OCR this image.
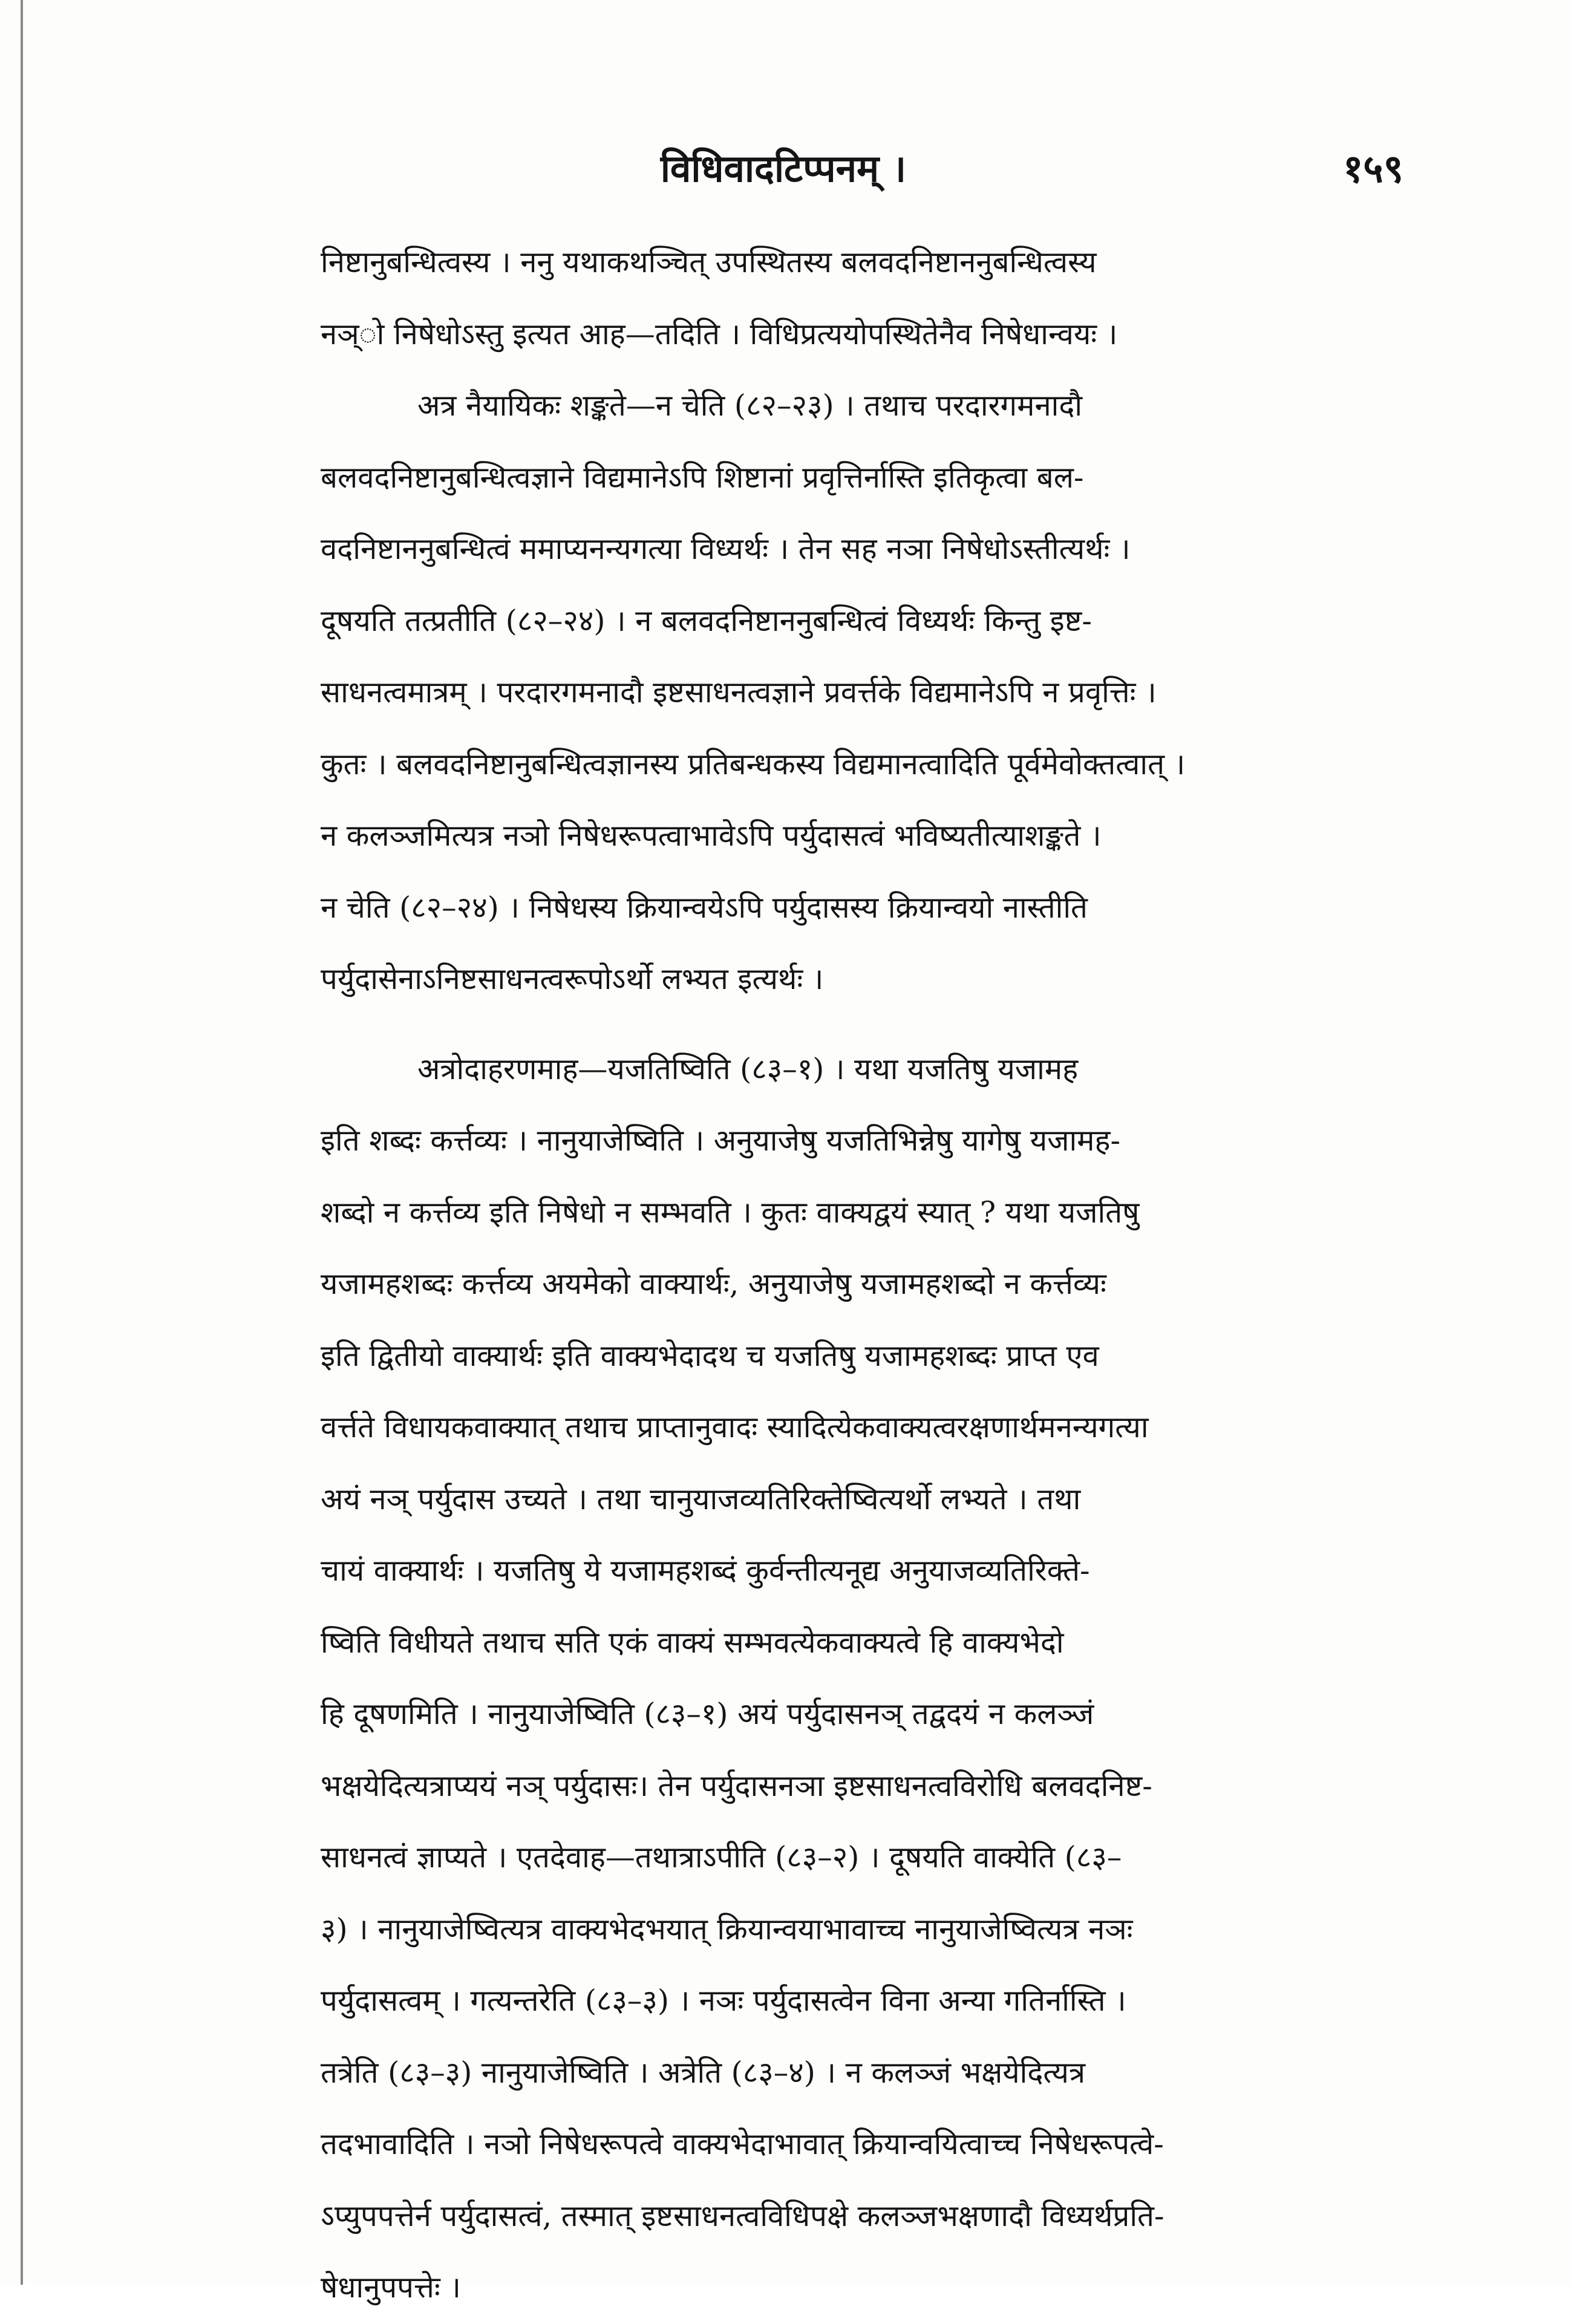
विधिवादटिप्पनम् ।	१५९
निष्टानुबन्धित्वस्य । ननु यथाकथञ्चित् उपस्थितस्य बलवदनिष्टाननुबन्धित्वस्य
नञ्ो निषेधोऽस्तु इत्यत आह—तदिति । विधिप्रत्ययोपस्थितेनैव निषेधान्वयः ।
अत्र नैयायिकः शङ्कते—न चेति (८२–२३) । तथाच परदारगमनादौ
बलवदनिष्टानुबन्धित्वज्ञाने विद्यमानेऽपि शिष्टानां प्रवृत्तिर्नास्ति इतिकृत्वा बल-
वदनिष्टाननुबन्धित्वं ममाप्यनन्यगत्या विध्यर्थः । तेन सह नञा निषेधोऽस्तीत्यर्थः ।
दूषयति तत्प्रतीति (८२–२४) । न बलवदनिष्टाननुबन्धित्वं विध्यर्थः किन्तु इष्ट-
साधनत्वमात्रम् । परदारगमनादौ इष्टसाधनत्वज्ञाने प्रवर्त्तके विद्यमानेऽपि न प्रवृत्तिः ।
कुतः । बलवदनिष्टानुबन्धित्वज्ञानस्य प्रतिबन्धकस्य विद्यमानत्वादिति पूर्वमेवोक्तत्वात् ।
न कलञ्जमित्यत्र नञो निषेधरूपत्वाभावेऽपि पर्युदासत्वं भविष्यतीत्याशङ्कते ।
न चेति (८२–२४) । निषेधस्य क्रियान्वयेऽपि पर्युदासस्य क्रियान्वयो नास्तीति
पर्युदासेनाऽनिष्टसाधनत्वरूपोऽर्थो लभ्यत इत्यर्थः ।
अत्रोदाहरणमाह—यजतिष्विति (८३–१) । यथा यजतिषु यजामह
इति शब्दः कर्त्तव्यः । नानुयाजेष्विति । अनुयाजेषु यजतिभिन्नेषु यागेषु यजामह-
शब्दो न कर्त्तव्य इति निषेधो न सम्भवति । कुतः वाक्यद्वयं स्यात् ? यथा यजतिषु
यजामहशब्दः कर्त्तव्य अयमेको वाक्यार्थः, अनुयाजेषु यजामहशब्दो न कर्त्तव्यः
इति द्वितीयो वाक्यार्थः इति वाक्यभेदादथ च यजतिषु यजामहशब्दः प्राप्त एव
वर्त्तते विधायकवाक्यात् तथाच प्राप्तानुवादः स्यादित्येकवाक्यत्वरक्षणार्थमनन्यगत्या
अयं नञ् पर्युदास उच्यते । तथा चानुयाजव्यतिरिक्तेष्वित्यर्थो लभ्यते । तथा
चायं वाक्यार्थः । यजतिषु ये यजामहशब्दं कुर्वन्तीत्यनूद्य अनुयाजव्यतिरिक्ते-
ष्विति विधीयते तथाच सति एकं वाक्यं सम्भवत्येकवाक्यत्वे हि वाक्यभेदो
हि दूषणमिति । नानुयाजेष्विति (८३–१) अयं पर्युदासनञ् तद्वदयं न कलञ्जं
भक्षयेदित्यत्राप्ययं नञ् पर्युदासः। तेन पर्युदासनञा इष्टसाधनत्वविरोधि बलवदनिष्ट-
साधनत्वं ज्ञाप्यते । एतदेवाह—तथात्राऽपीति (८३–२) । दूषयति वाक्येति (८३–
३) । नानुयाजेष्वित्यत्र वाक्यभेदभयात् क्रियान्वयाभावाच्च नानुयाजेष्वित्यत्र नञः
पर्युदासत्वम् । गत्यन्तरेति (८३–३) । नञः पर्युदासत्वेन विना अन्या गतिर्नास्ति ।
तत्रेति (८३–३) नानुयाजेष्विति । अत्रेति (८३–४) । न कलञ्जं भक्षयेदित्यत्र
तदभावादिति । नञो निषेधरूपत्वे वाक्यभेदाभावात् क्रियान्वयित्वाच्च निषेधरूपत्वे-
ऽप्युपपत्तेर्न पर्युदासत्वं, तस्मात् इष्टसाधनत्वविधिपक्षे कलञ्जभक्षणादौ विध्यर्थप्रति-
षेधानुपपत्तेः ।
